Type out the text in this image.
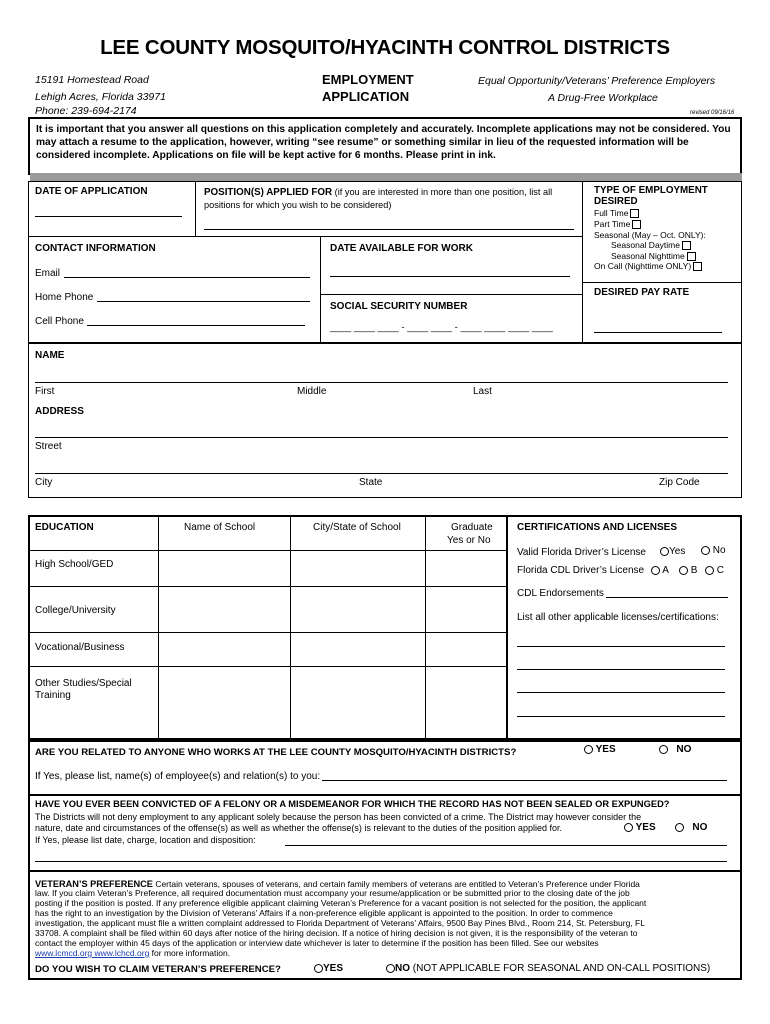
LEE COUNTY MOSQUITO/HYACINTH CONTROL DISTRICTS
15191 Homestead Road
Lehigh Acres, Florida 33971
Phone: 239-694-2174
EMPLOYMENT
APPLICATION
Equal Opportunity/Veterans’ Preference Employers
A Drug-Free Workplace
revised 09/16/16
It is important that you answer all questions on this application completely and accurately. Incomplete applications may not be considered. You may attach a resume to the application, however, writing “see resume” or something similar in lieu of the requested information will be considered incomplete. Applications on file will be kept active for 6 months. Please print in ink.
DATE OF APPLICATION	POSITION(S) APPLIED FOR (if you are interested in more than one position, list all positions for which you wish to be considered)
TYPE OF EMPLOYMENT DESIRED
Full Time
Part Time
Seasonal (May – Oct. ONLY):
Seasonal Daytime
Seasonal Nighttime
On Call (Nighttime ONLY)
CONTACT INFORMATION
Email
Home Phone
Cell Phone
DATE AVAILABLE FOR WORK
SOCIAL SECURITY NUMBER
____ ____ ____ - ____ ____ - ____ ____ ____ ____
DESIRED PAY RATE
NAME
First	Middle	Last
ADDRESS
Street
City	State	Zip Code
EDUCATION	Name of School	City/State of School	Graduate
Yes or No
High School/GED
College/University
Vocational/Business
Other Studies/Special
Training
CERTIFICATIONS AND LICENSES
Valid Florida Driver’s License	Yes	No
Florida CDL Driver’s License	A	B	C
CDL Endorsements
List all other applicable licenses/certifications:
ARE YOU RELATED TO ANYONE WHO WORKS AT THE LEE COUNTY MOSQUITO/HYACINTH DISTRICTS?	YES	NO
If Yes, please list, name(s) of employee(s) and relation(s) to you:
HAVE YOU EVER BEEN CONVICTED OF A FELONY OR A MISDEMEANOR FOR WHICH THE RECORD HAS NOT BEEN SEALED OR EXPUNGED?
The Districts will not deny employment to any applicant solely because the person has been convicted of a crime. The District may however consider the
nature, date and circumstances of the offense(s) as well as whether the offense(s) is relevant to the duties of the position applied for.	YES	NO
If Yes, please list date, charge, location and disposition:
VETERAN’S PREFERENCE Certain veterans, spouses of veterans, and certain family members of veterans are entitled to Veteran’s Preference under Florida
law. If you claim Veteran’s Preference, all required documentation must accompany your resume/application or be submitted prior to the closing date of the job
posting if the position is posted. If any preference eligible applicant claiming Veteran’s Preference for a vacant position is not selected for the position, the applicant
has the right to an investigation by the Division of Veterans’ Affairs if a non-preference eligible applicant is appointed to the position. In order to commence
investigation, the applicant must file a written complaint addressed to Florida Department of Veterans’ Affairs, 9500 Bay Pines Blvd., Room 214, St. Petersburg, FL
33708. A complaint shall be filed within 60 days after notice of the hiring decision. If a notice of hiring decision is not given, it is the responsibility of the veteran to
contact the employer within 45 days of the application or interview date whichever is later to determine if the position has been filled. See our websites
www.lcmcd.org www.lchcd.org for more information.
DO YOU WISH TO CLAIM VETERAN’S PREFERENCE?	YES	NO (NOT APPLICABLE FOR SEASONAL AND ON-CALL POSITIONS)
